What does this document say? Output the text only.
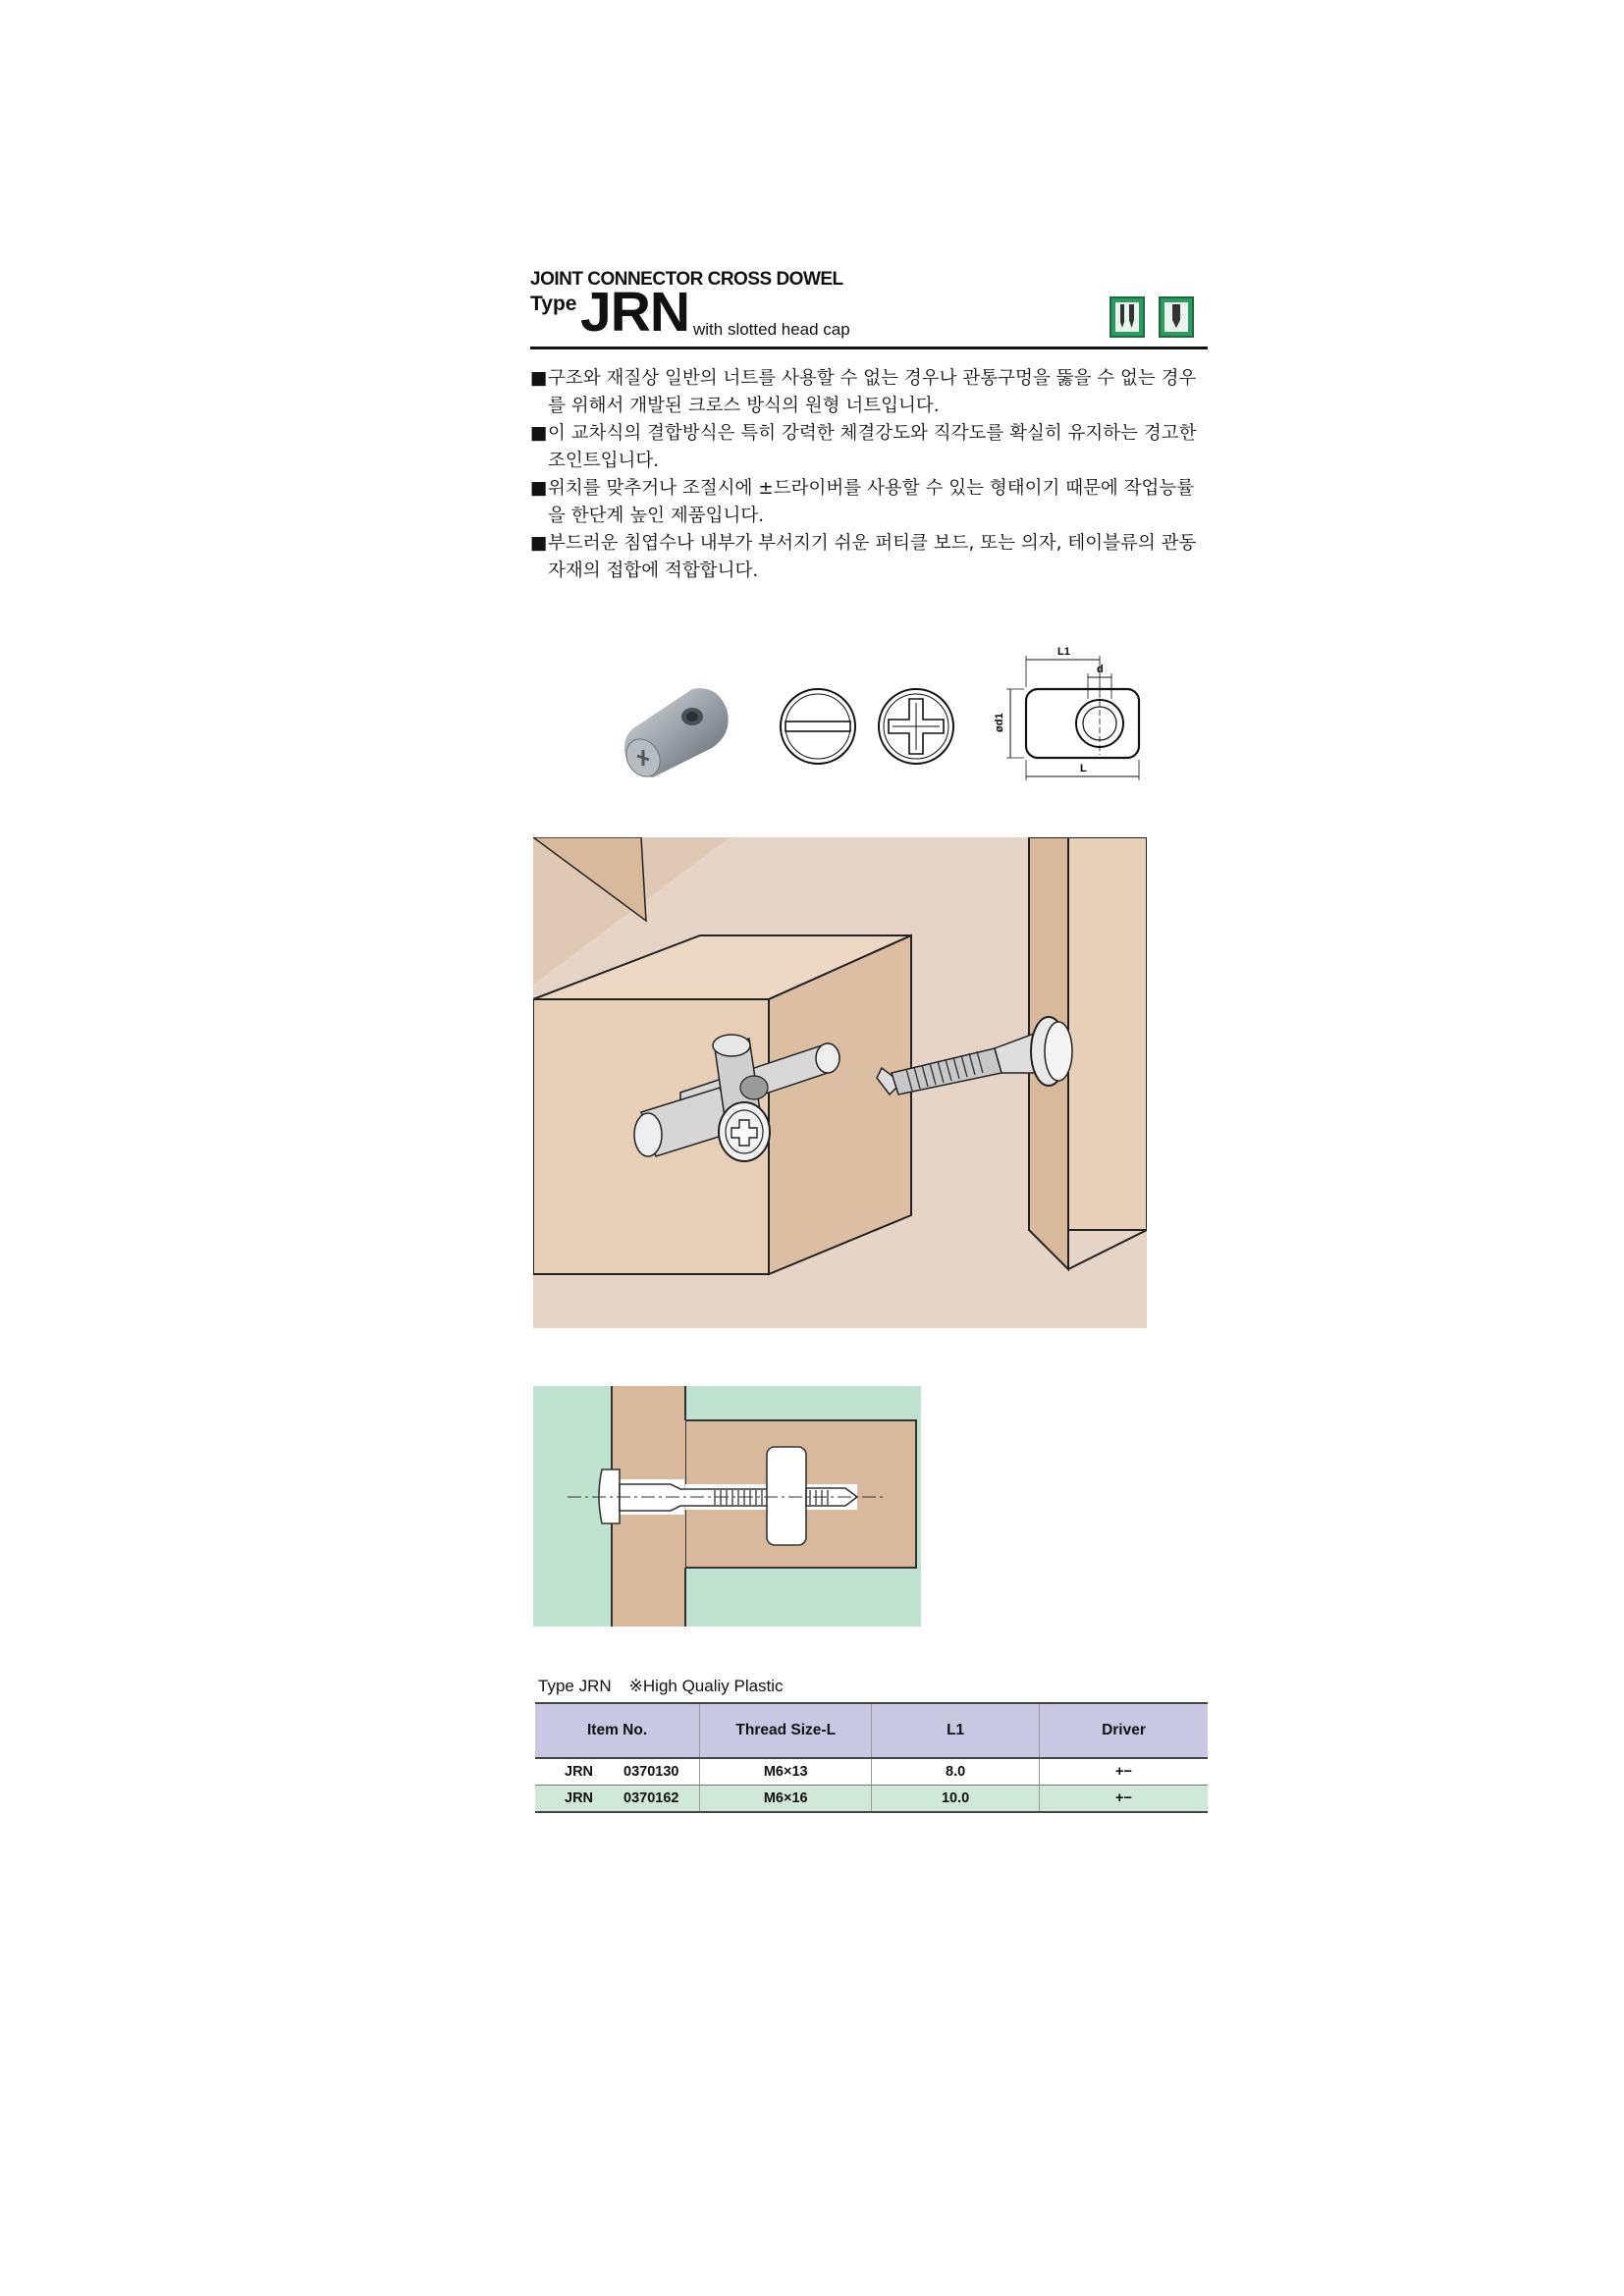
JOINT CONNECTOR CROSS DOWEL
Type JRN with slotted head cap

■ 구조와 재질상 일반의 너트를 사용할 수 없는 경우나 관통구멍을 뚫을 수 없는 경우를 위해서 개발된 크로스 방식의 원형 너트입니다.

■ 이 교차식의 결합방식은 특히 강력한 체결강도와 직각도를 확실히 유지하는 경고한 조인트입니다.

■ 위치를 맞추거나 조절시에 ±드라이버를 사용할 수 있는 형태이기 때문에 작업능률을 한단계 높인 제품입니다.

■ 부드러운 침엽수나 내부가 부서지기 쉬운 퍼티클 보드, 또는 의자, 테이블류의 관동자재의 접합에 적합합니다.

L1
d
ød1
L
Type JRN ※High Qualiy Plastic
Item No.	Thread Size-L	L1	Driver
JRN 0370130	M6×13	8.0	+−
JRN 0370162	M6×16	10.0	+−
